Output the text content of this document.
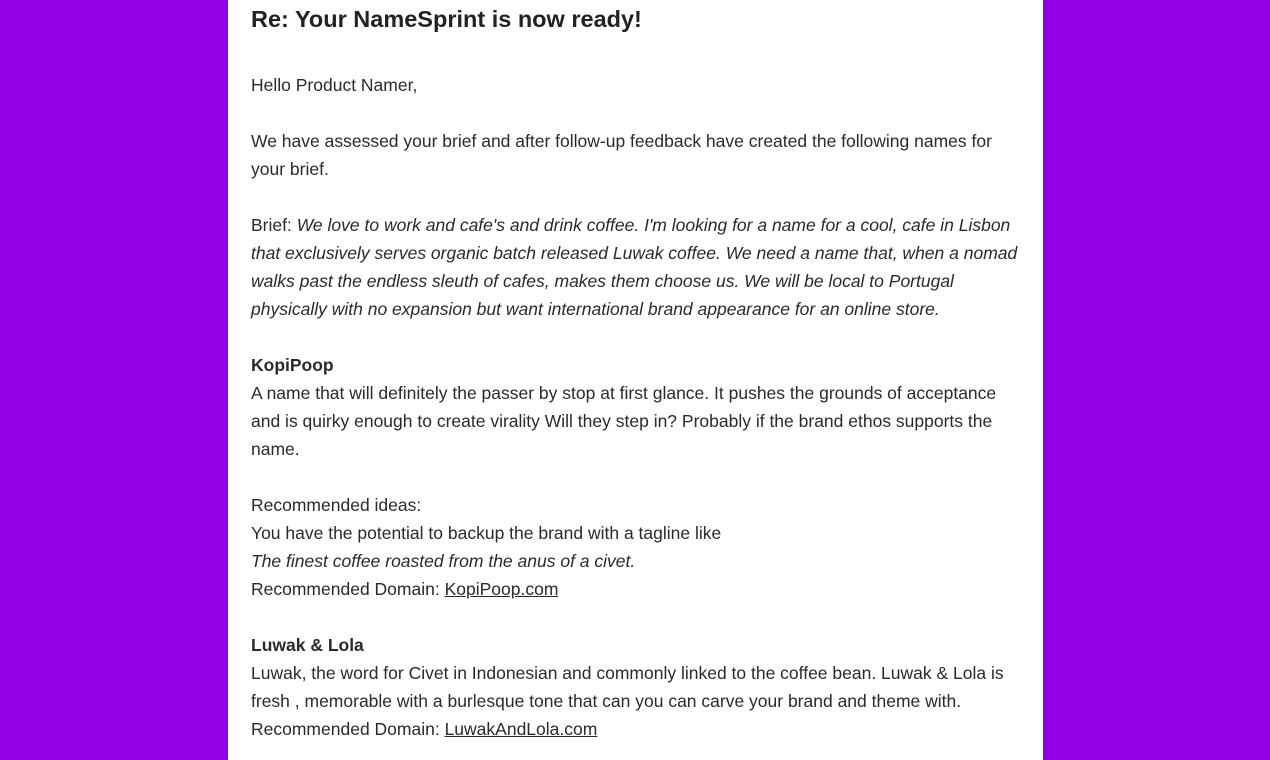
Re: Your NameSprint is now ready!

Hello Product Namer,

We have assessed your brief and after follow-up feedback have created the following names for your brief.

Brief: We love to work and cafe's and drink coffee. I'm looking for a name for a cool, cafe in Lisbon that exclusively serves organic batch released Luwak coffee. We need a name that, when a nomad walks past the endless sleuth of cafes, makes them choose us. We will be local to Portugal physically with no expansion but want international brand appearance for an online store.

KopiPoop

A name that will definitely the passer by stop at first glance. It pushes the grounds of acceptance and is quirky enough to create virality Will they step in? Probably if the brand ethos supports the name.

Recommended ideas:

You have the potential to backup the brand with a tagline like

The finest coffee roasted from the anus of a civet.

Recommended Domain: KopiPoop.com

Luwak & Lola

Luwak, the word for Civet in Indonesian and commonly linked to the coffee bean. Luwak & Lola is fresh , memorable with a burlesque tone that can you can carve your brand and theme with.

Recommended Domain: LuwakAndLola.com
